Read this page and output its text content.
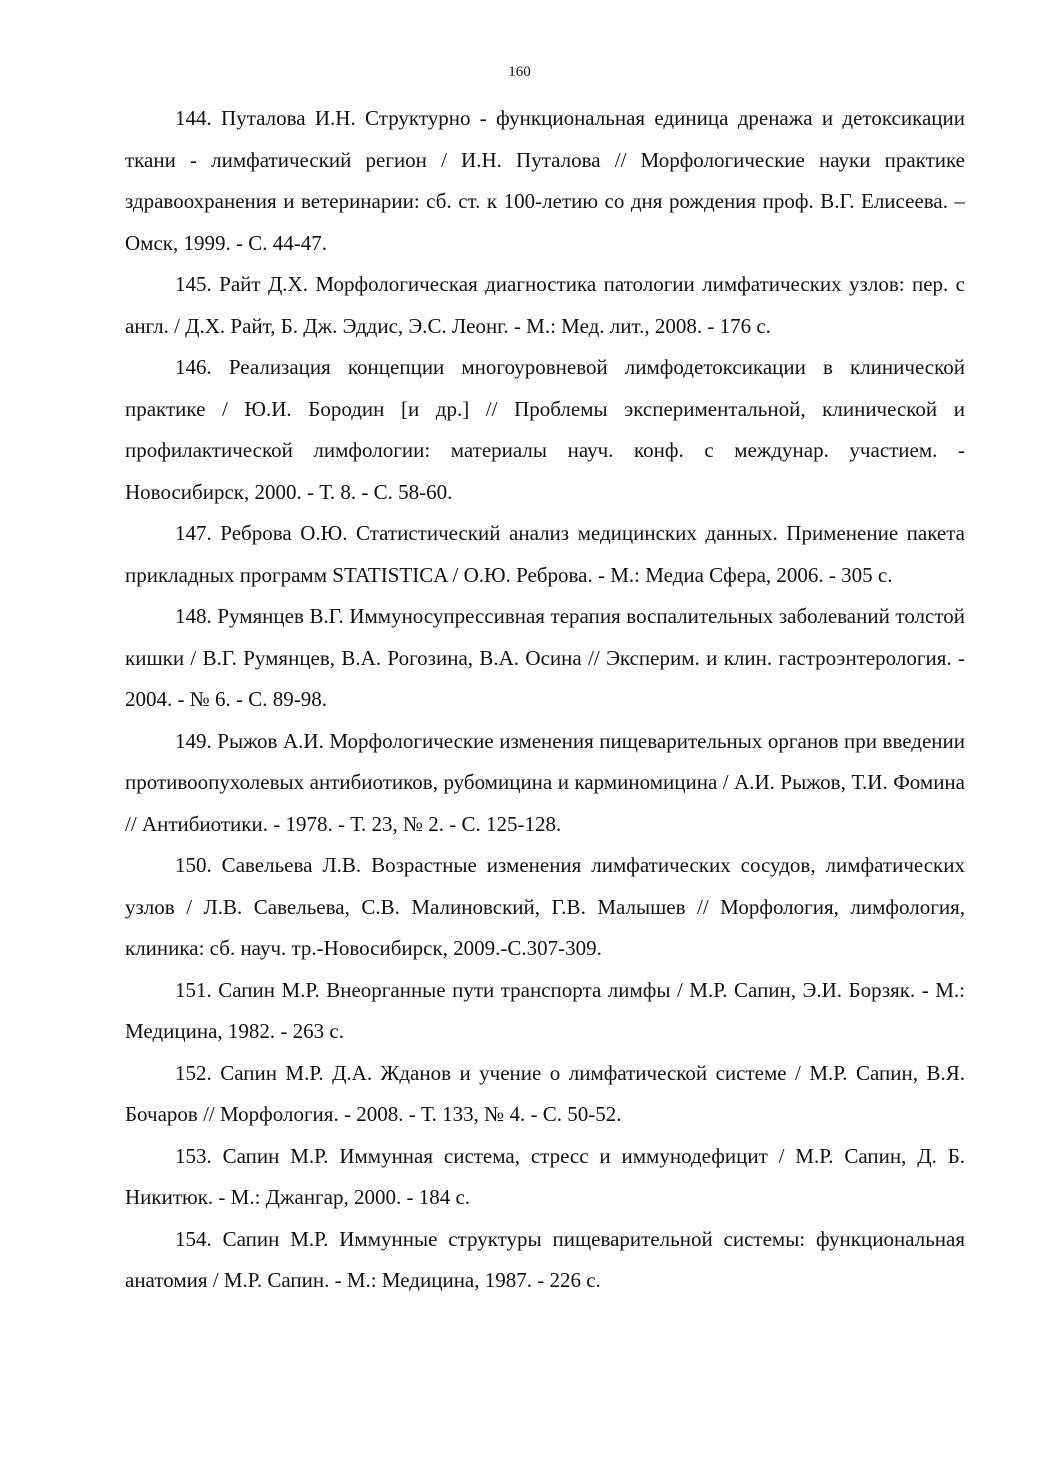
160
144. Путалова И.Н. Структурно - функциональная единица дренажа и детоксикации ткани - лимфатический регион / И.Н. Путалова // Морфологические науки практике здравоохранения и ветеринарии: сб. ст. к 100-летию со дня рождения проф. В.Г. Елисеева. – Омск, 1999. - С. 44-47.
145. Райт Д.Х. Морфологическая диагностика патологии лимфатических узлов: пер. с англ. / Д.Х. Райт, Б. Дж. Эддис, Э.С. Леонг. - М.: Мед. лит., 2008. - 176 с.
146. Реализация концепции многоуровневой лимфодетоксикации в клинической практике / Ю.И. Бородин [и др.] // Проблемы экспериментальной, клинической и профилактической лимфологии: материалы науч. конф. с междунар. участием. - Новосибирск, 2000. - Т. 8. - С. 58-60.
147. Реброва О.Ю. Статистический анализ медицинских данных. Применение пакета прикладных программ STATISTICA / О.Ю. Реброва. - М.: Медиа Сфера, 2006. - 305 с.
148. Румянцев В.Г. Иммуносупрессивная терапия воспалительных заболеваний толстой кишки / В.Г. Румянцев, В.А. Рогозина, В.А. Осина // Эксперим. и клин. гастроэнтерология. - 2004. - № 6. - С. 89-98.
149. Рыжов А.И. Морфологические изменения пищеварительных органов при введении противоопухолевых антибиотиков, рубомицина и карминомицина / А.И. Рыжов, Т.И. Фомина // Антибиотики. - 1978. - Т. 23, № 2. - С. 125-128.
150. Савельева Л.В. Возрастные изменения лимфатических сосудов, лимфатических узлов / Л.В. Савельева, С.В. Малиновский, Г.В. Малышев // Морфология, лимфология, клиника: сб. науч. тр.-Новосибирск, 2009.-С.307-309.
151. Сапин М.Р. Внеорганные пути транспорта лимфы / М.Р. Сапин, Э.И. Борзяк. - М.: Медицина, 1982. - 263 с.
152. Сапин М.Р. Д.А. Жданов и учение о лимфатической системе / М.Р. Сапин, В.Я. Бочаров // Морфология. - 2008. - Т. 133, № 4. - С. 50-52.
153. Сапин М.Р. Иммунная система, стресс и иммунодефицит / М.Р. Сапин, Д. Б. Никитюк. - М.: Джангар, 2000. - 184 с.
154. Сапин М.Р. Иммунные структуры пищеварительной системы: функциональная анатомия / М.Р. Сапин. - М.: Медицина, 1987. - 226 с.
